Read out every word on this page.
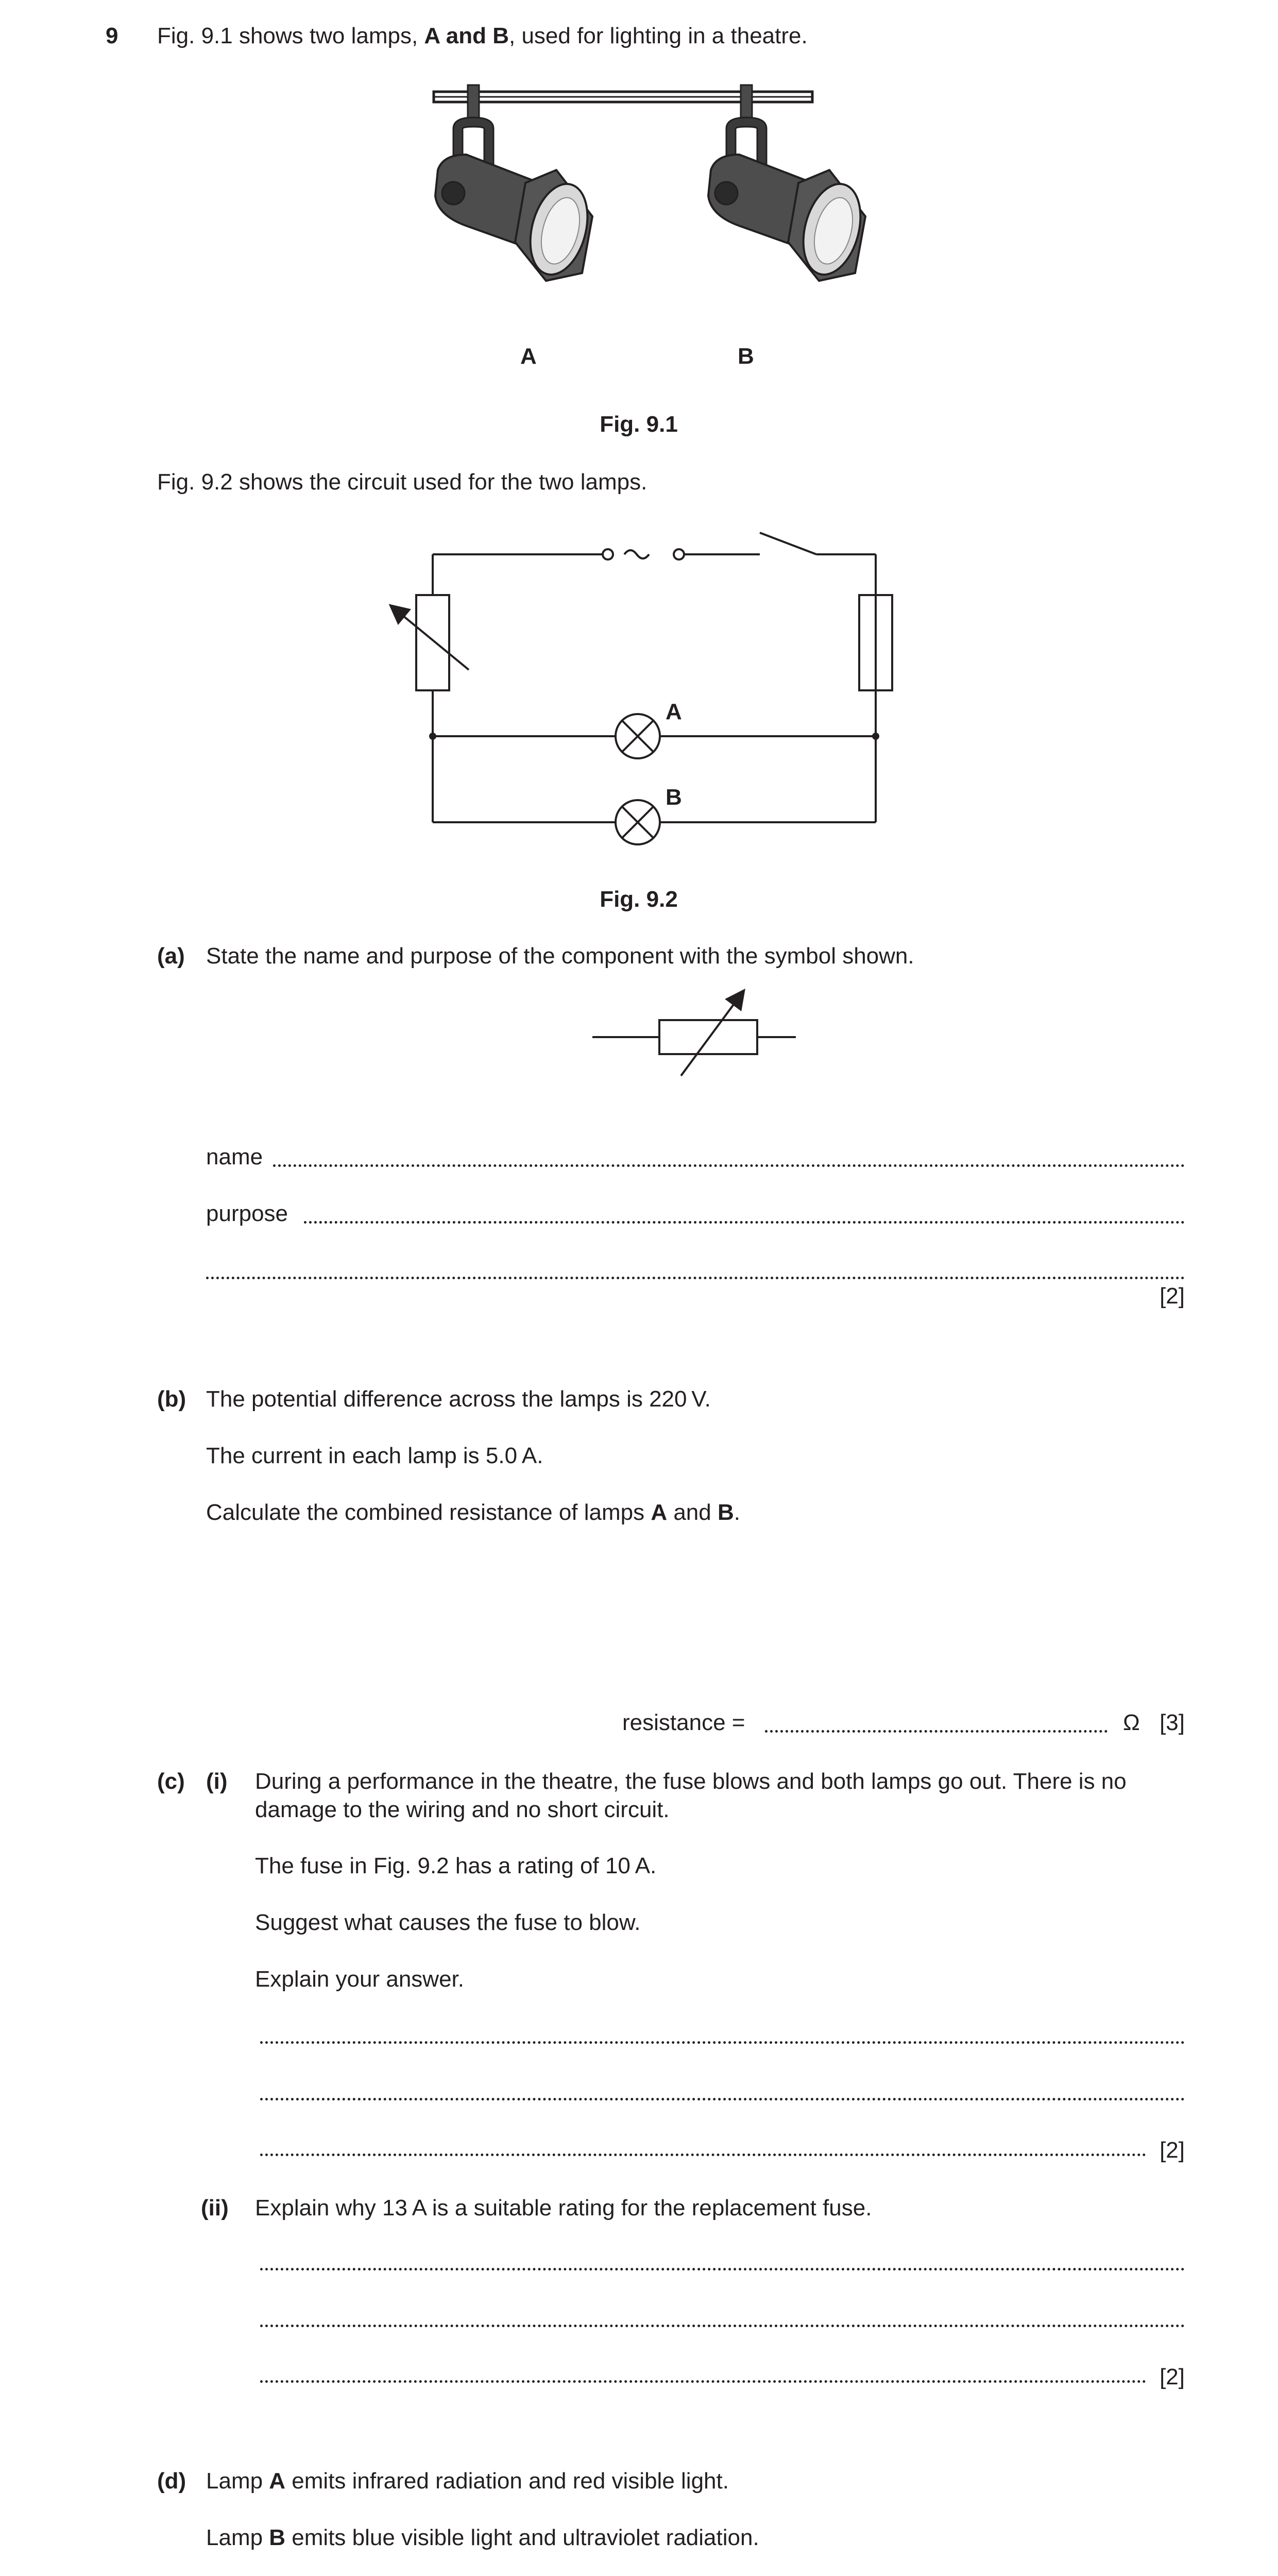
9 Fig. 9.1 shows two lamps, A and B, used for lighting in a theatre.
A	B
Fig. 9.1
Fig. 9.2 shows the circuit used for the two lamps.
A
B
Fig. 9.2
(a) State the name and purpose of the component with the symbol shown.
name
purpose
[2]
(b) The potential difference across the lamps is 220 V.
The current in each lamp is 5.0 A.
Calculate the combined resistance of lamps A and B.
resistance =	Ω [3]
(c) (i) During a performance in the theatre, the fuse blows and both lamps go out. There is no
damage to the wiring and no short circuit.
The fuse in Fig. 9.2 has a rating of 10 A.
Suggest what causes the fuse to blow.
Explain your answer.
[2]
(ii) Explain why 13 A is a suitable rating for the replacement fuse.
[2]
(d) Lamp A emits infrared radiation and red visible light.
Lamp B emits blue visible light and ultraviolet radiation.
